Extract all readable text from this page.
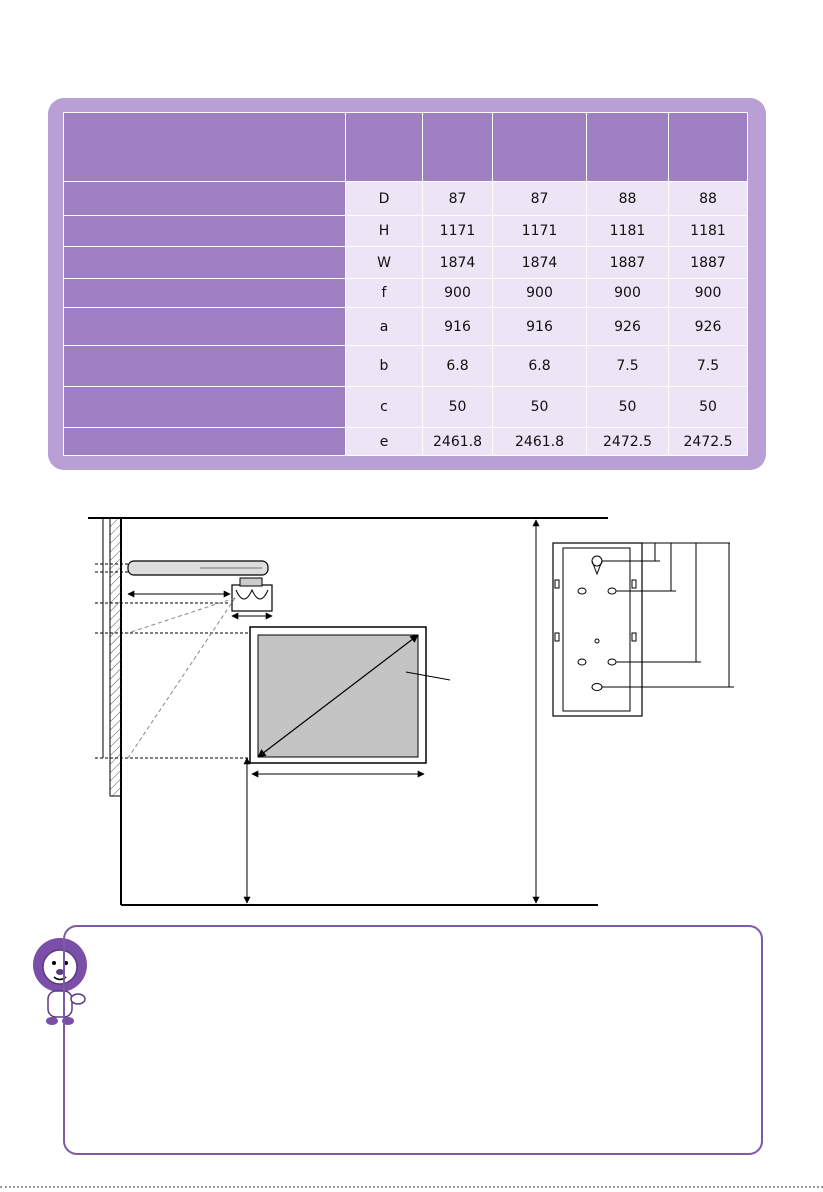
	D	87	87	88	88
	H	1171	1171	1181	1181
	W	1874	1874	1887	1887
	f	900	900	900	900
	a	916	916	926	926
	b	6.8	6.8	7.5	7.5
	c	50	50	50	50
	e	2461.8	2461.8	2472.5	2472.5
